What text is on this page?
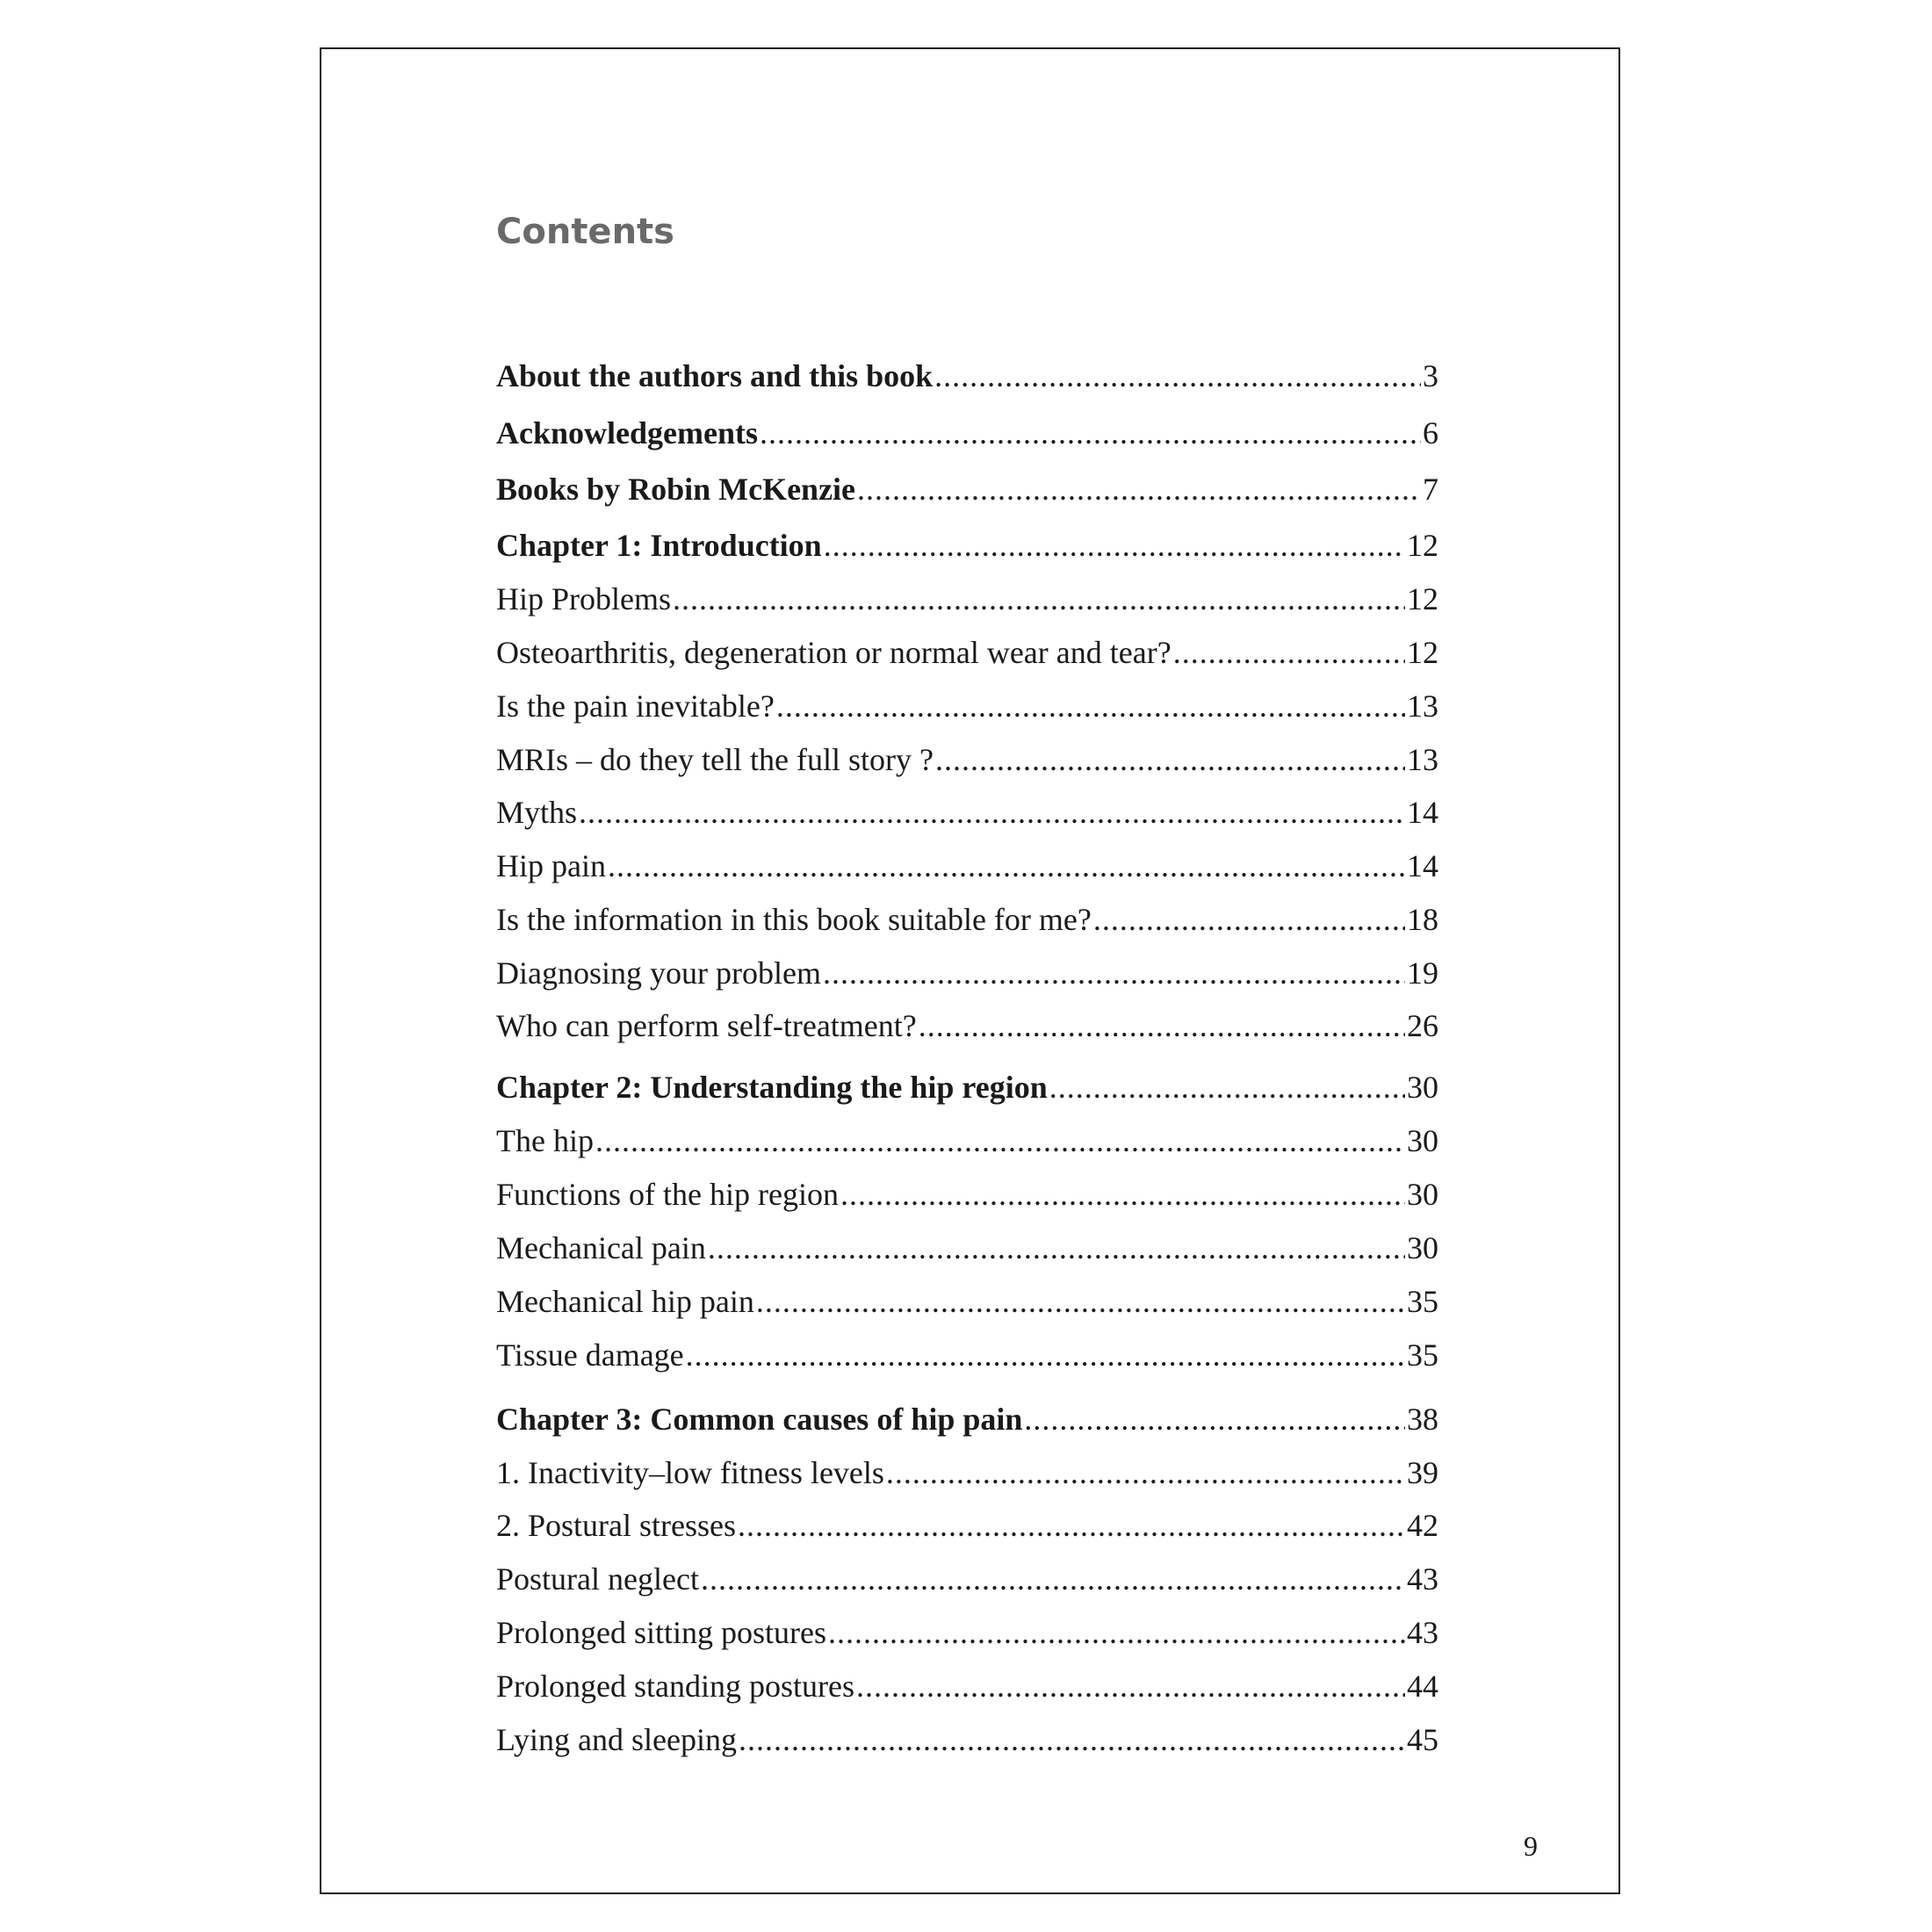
Contents
About the authors and this book .....	3
Acknowledgements .....	6
Books by Robin McKenzie .....	7
Chapter 1: Introduction .....	12
Hip Problems .....	12
Osteoarthritis, degeneration or normal wear and tear? .....	12
Is the pain inevitable? .....	13
MRIs – do they tell the full story ? .....	13
Myths .....	14
Hip pain .....	14
Is the information in this book suitable for me? .....	18
Diagnosing your problem .....	19
Who can perform self-treatment? .....	26
Chapter 2: Understanding the hip region .....	30
The hip .....	30
Functions of the hip region .....	30
Mechanical pain .....	30
Mechanical hip pain .....	35
Tissue damage .....	35
Chapter 3: Common causes of hip pain .....	38
1. Inactivity–low fitness levels .....	39
2. Postural stresses .....	42
Postural neglect .....	43
Prolonged sitting postures .....	43
Prolonged standing postures .....	44
Lying and sleeping .....	45
9
